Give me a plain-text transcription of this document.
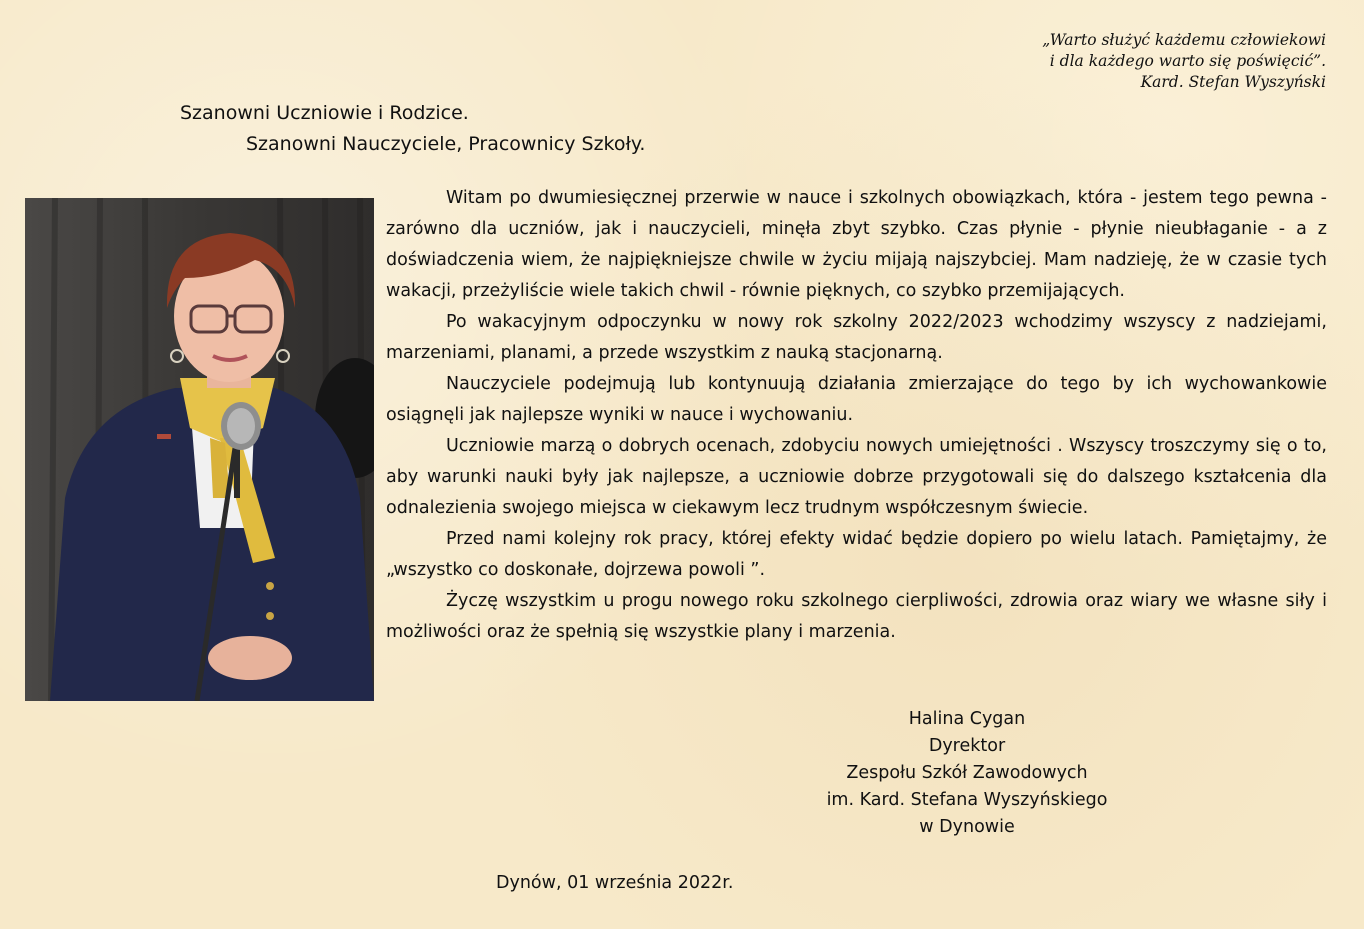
„Warto służyć każdemu człowiekowi
i dla każdego warto się poświęcić”.
Kard. Stefan Wyszyński
Szanowni Uczniowie i Rodzice.
Szanowni Nauczyciele, Pracownicy Szkoły.

Witam po dwumiesięcznej przerwie w nauce i szkolnych obowiązkach, która - jestem tego pewna - zarówno dla uczniów, jak i nauczycieli, minęła zbyt szybko. Czas płynie - płynie nieubłaganie - a z doświadczenia wiem, że najpiękniejsze chwile w życiu mijają najszybciej. Mam nadzieję, że w czasie tych wakacji, przeżyliście wiele takich chwil - równie pięknych, co szybko przemijających.

Po wakacyjnym odpoczynku w nowy rok szkolny 2022/2023 wchodzimy wszyscy z nadziejami, marzeniami, planami, a przede wszystkim z nauką stacjonarną.

Nauczyciele podejmują lub kontynuują działania zmierzające do tego by ich wychowankowie osiągnęli jak najlepsze wyniki w nauce i wychowaniu.

Uczniowie marzą o dobrych ocenach, zdobyciu nowych umiejętności . Wszyscy troszczymy się o to, aby warunki nauki były jak najlepsze, a uczniowie dobrze przygotowali się do dalszego kształcenia dla odnalezienia swojego miejsca w ciekawym lecz trudnym współczesnym świecie.

Przed nami kolejny rok pracy, której efekty widać będzie dopiero po wielu latach. Pamiętajmy, że „wszystko co doskonałe, dojrzewa powoli ”.

Życzę wszystkim u progu nowego roku szkolnego cierpliwości, zdrowia oraz wiary we własne siły i możliwości oraz że spełnią się wszystkie plany i marzenia.

Halina Cygan
Dyrektor
Zespołu Szkół Zawodowych
im. Kard. Stefana Wyszyńskiego
w Dynowie
Dynów, 01 września 2022r.
